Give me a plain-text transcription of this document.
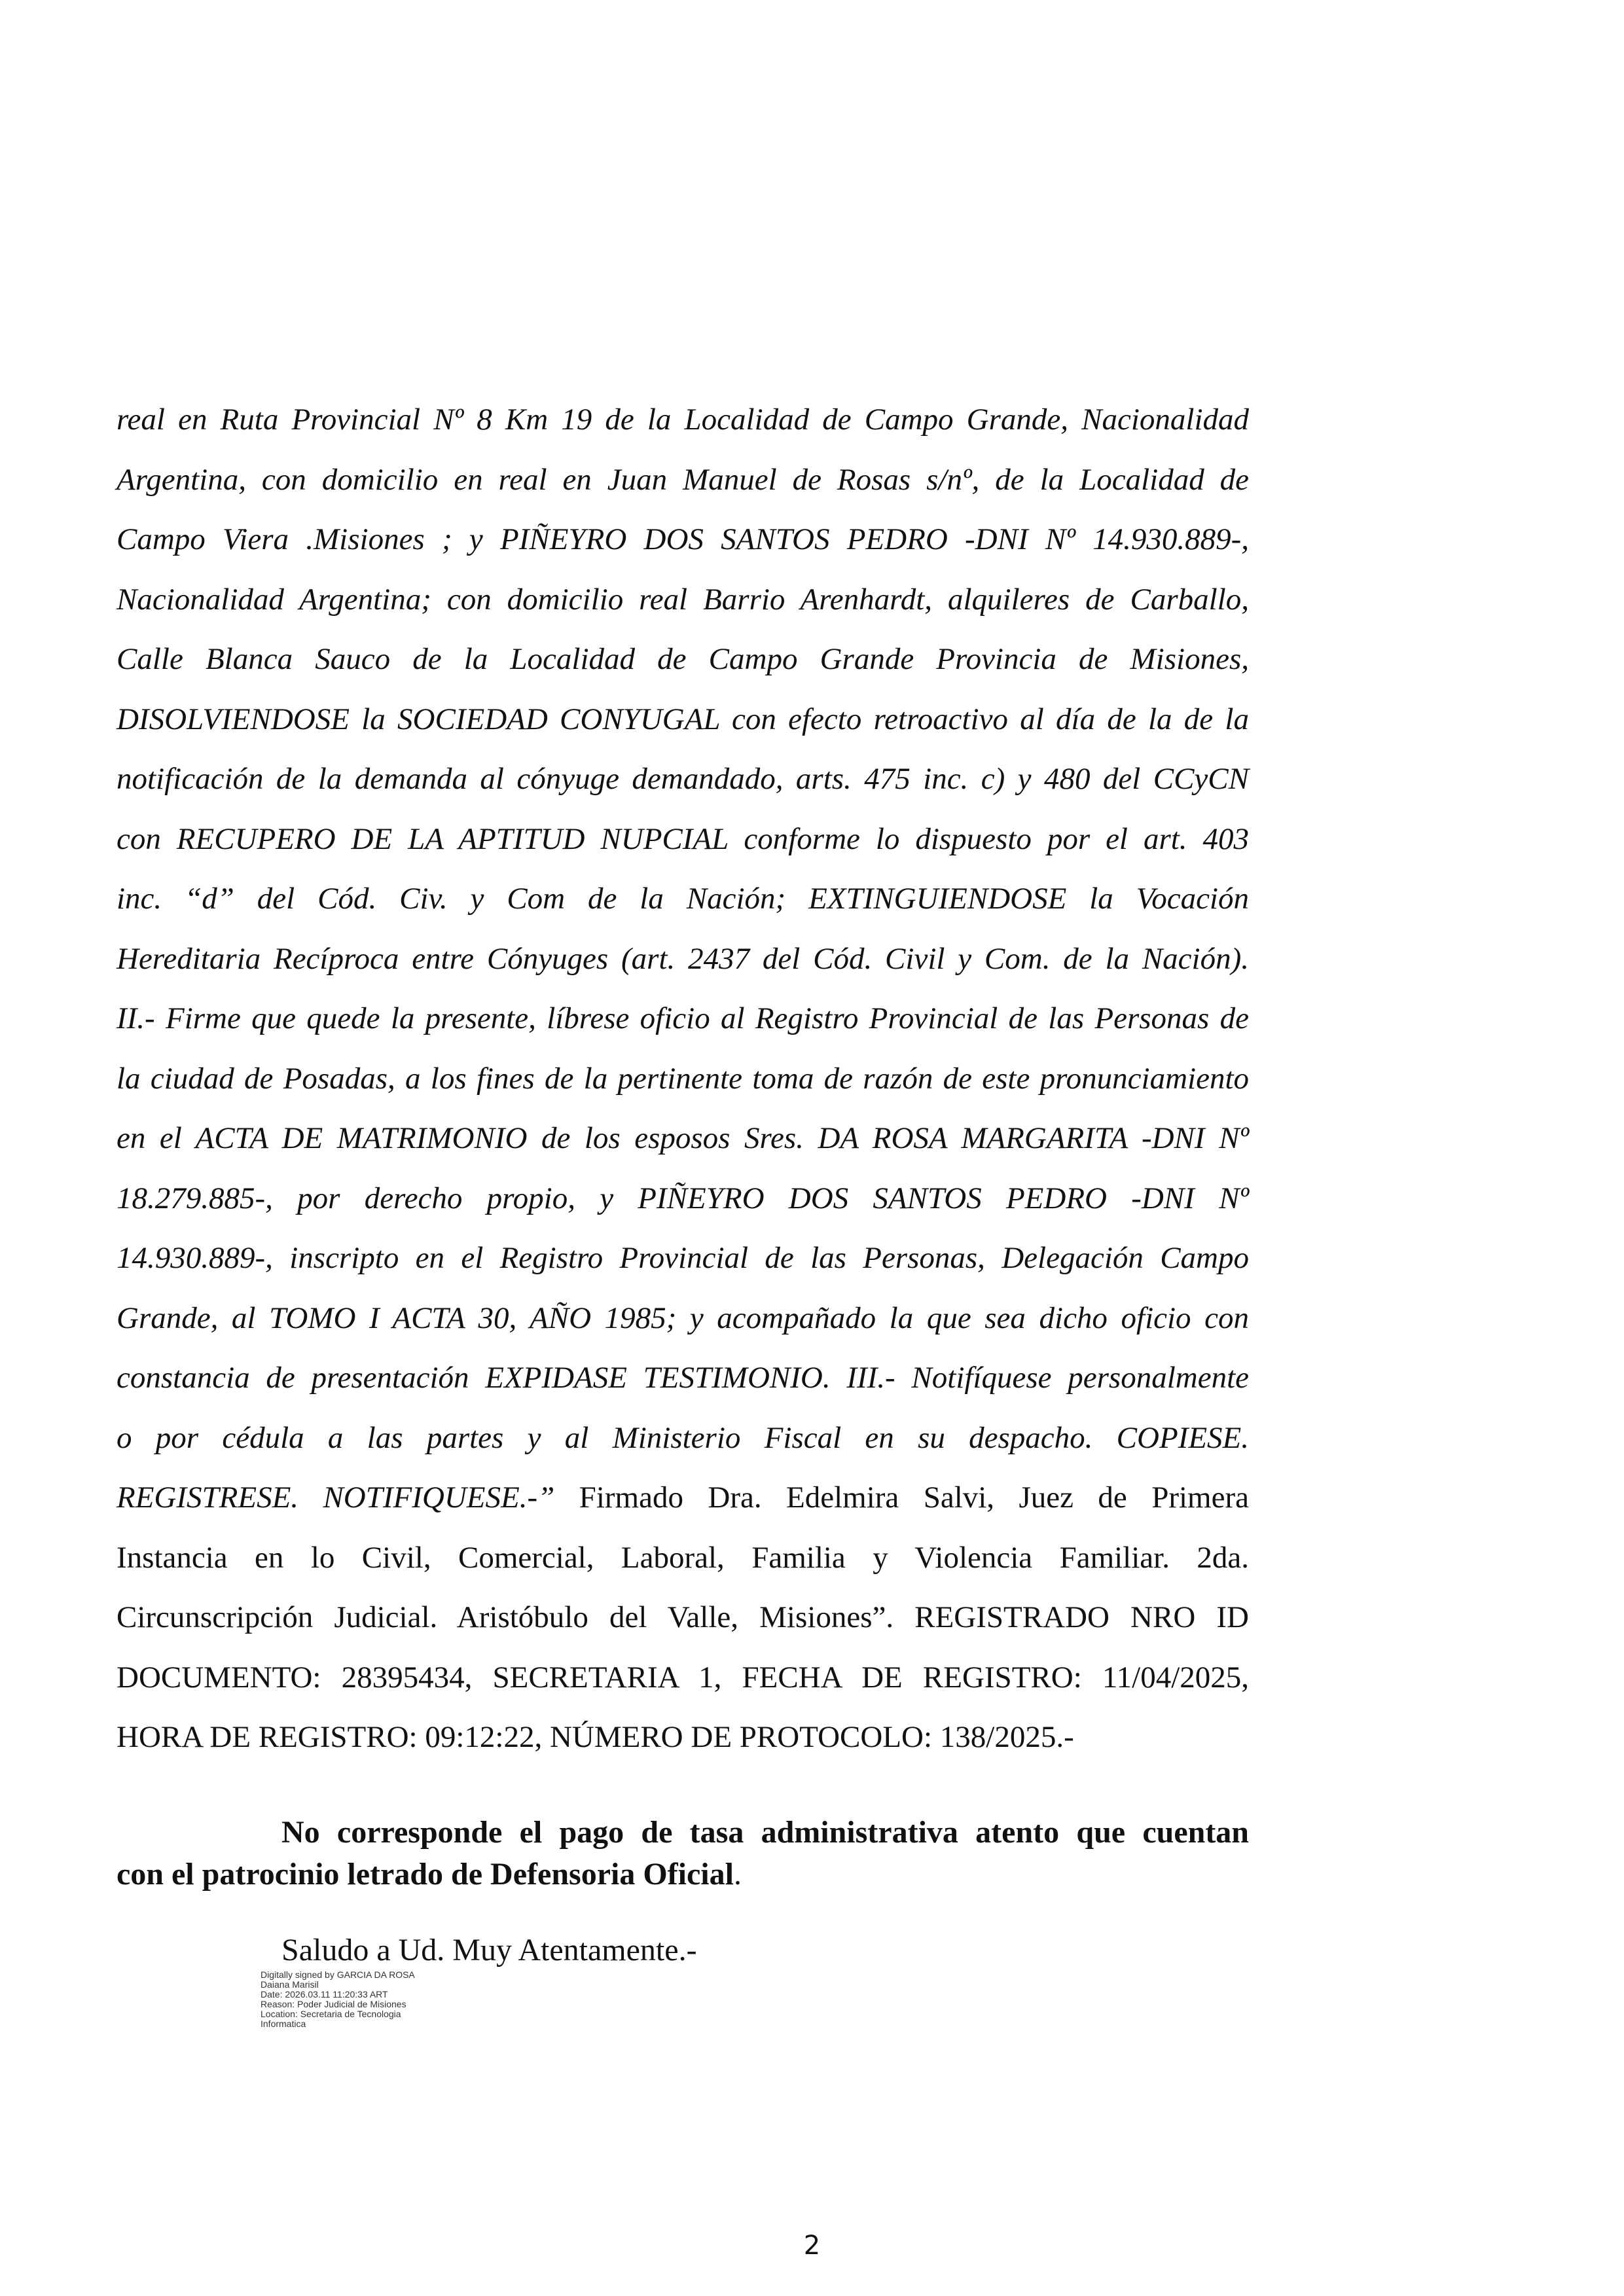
real en Ruta Provincial Nº 8 Km 19 de la Localidad de Campo Grande, Nacionalidad
Argentina, con domicilio en real en Juan Manuel de Rosas s/nº, de la Localidad de
Campo Viera .Misiones ; y PIÑEYRO DOS SANTOS PEDRO -DNI Nº 14.930.889-,
Nacionalidad Argentina; con domicilio real Barrio Arenhardt, alquileres de Carballo,
Calle Blanca Sauco de la Localidad de Campo Grande Provincia de Misiones,
DISOLVIENDOSE la SOCIEDAD CONYUGAL con efecto retroactivo al día de la de la
notificación de la demanda al cónyuge demandado, arts. 475 inc. c) y 480 del CCyCN
con RECUPERO DE LA APTITUD NUPCIAL conforme lo dispuesto por el art. 403
inc. “d” del Cód. Civ. y Com de la Nación; EXTINGUIENDOSE la Vocación
Hereditaria Recíproca entre Cónyuges (art. 2437 del Cód. Civil y Com. de la Nación).
II.- Firme que quede la presente, líbrese oficio al Registro Provincial de las Personas de
la ciudad de Posadas, a los fines de la pertinente toma de razón de este pronunciamiento
en el ACTA DE MATRIMONIO de los esposos Sres. DA ROSA MARGARITA -DNI Nº
18.279.885-, por derecho propio, y PIÑEYRO DOS SANTOS PEDRO -DNI Nº
14.930.889-, inscripto en el Registro Provincial de las Personas, Delegación Campo
Grande, al TOMO I ACTA 30, AÑO 1985; y acompañado la que sea dicho oficio con
constancia de presentación EXPIDASE TESTIMONIO. III.- Notifíquese personalmente
o por cédula a las partes y al Ministerio Fiscal en su despacho. COPIESE.
REGISTRESE. NOTIFIQUESE.-” Firmado Dra. Edelmira Salvi, Juez de Primera
Instancia en lo Civil, Comercial, Laboral, Familia y Violencia Familiar. 2da.
Circunscripción Judicial. Aristóbulo del Valle, Misiones”. REGISTRADO NRO ID
DOCUMENTO: 28395434, SECRETARIA 1, FECHA DE REGISTRO: 11/04/2025,
HORA DE REGISTRO: 09:12:22, NÚMERO DE PROTOCOLO: 138/2025.-
No corresponde el pago de tasa administrativa atento que cuentan
con el patrocinio letrado de Defensoria Oficial.
Saludo a Ud. Muy Atentamente.-
Digitally signed by GARCIA DA ROSA
Daiana Marisil
Date: 2026.03.11 11:20:33 ART
Reason: Poder Judicial de Misiones
Location: Secretaria de Tecnologia
Informatica
2
